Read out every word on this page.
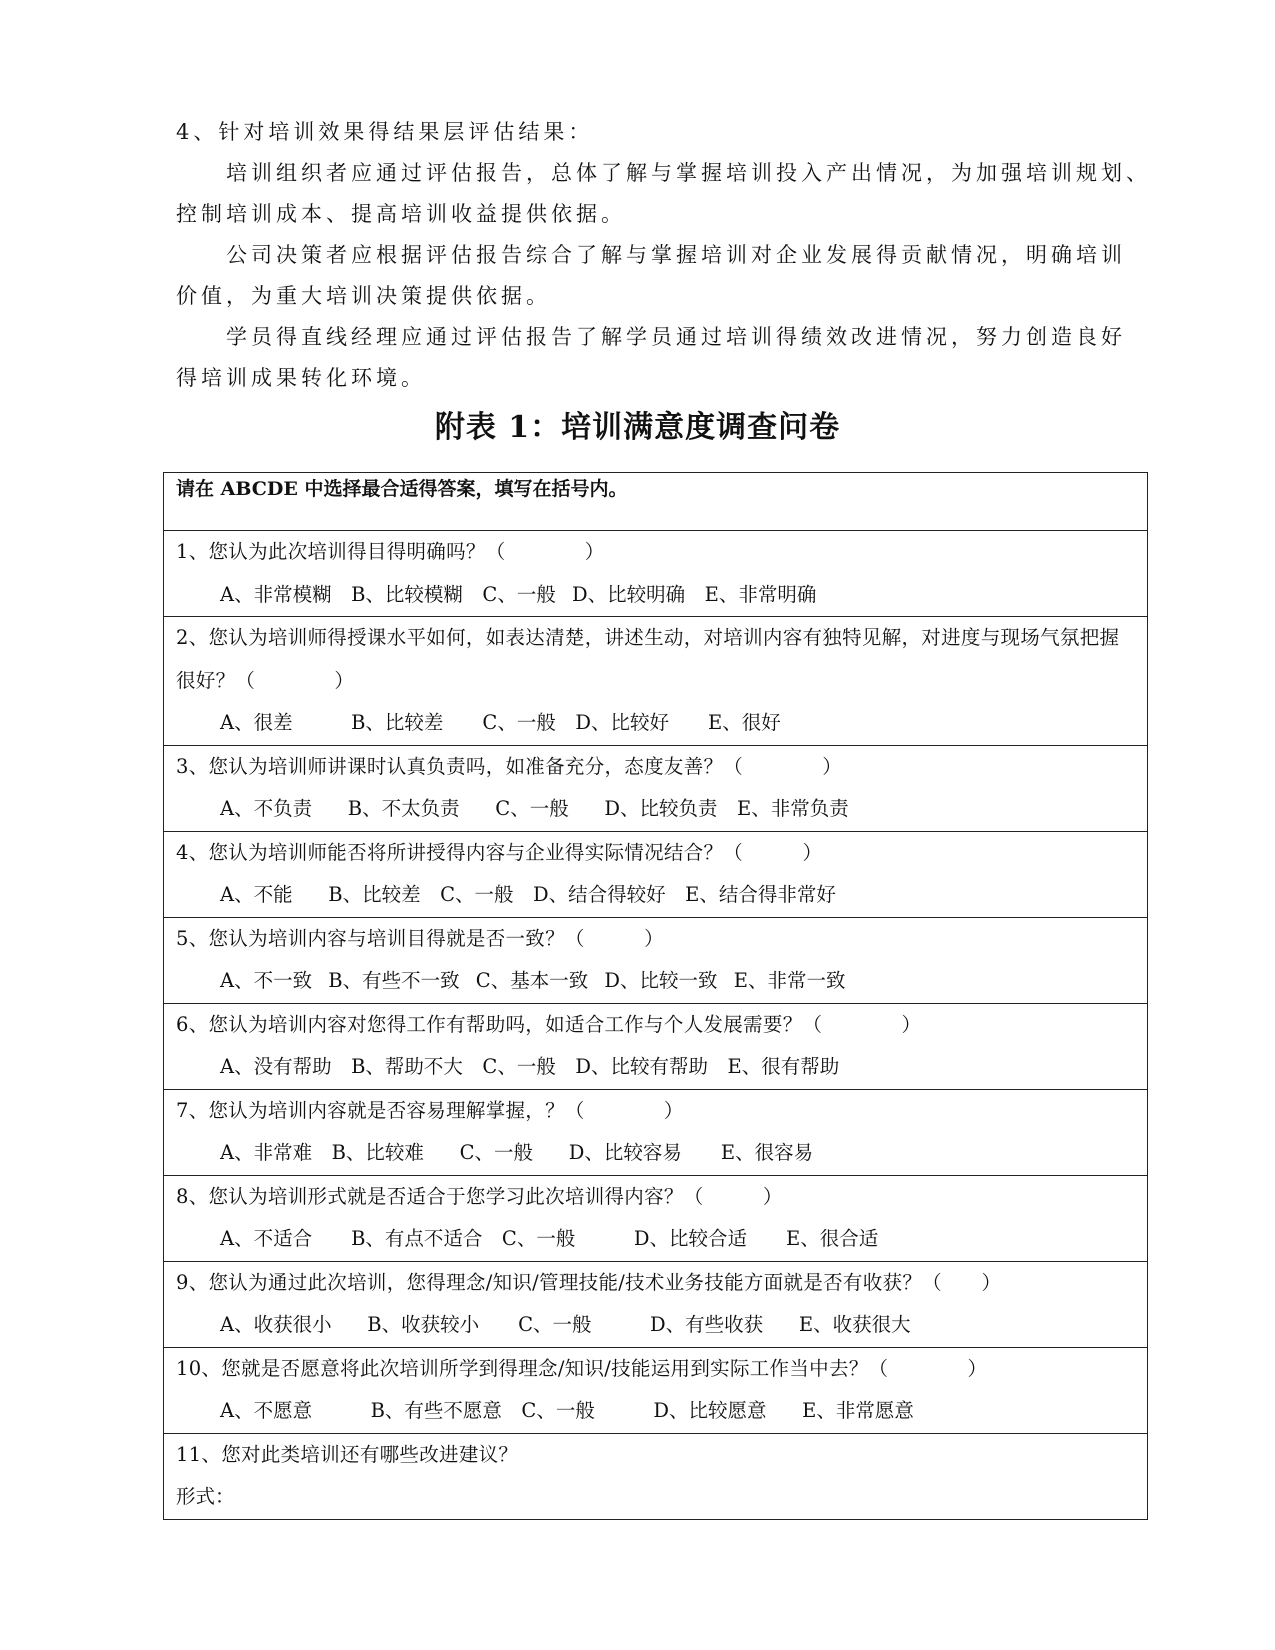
4、针对培训效果得结果层评估结果：
培训组织者应通过评估报告，总体了解与掌握培训投入产出情况，为加强培训规划、
控制培训成本、提高培训收益提供依据。
公司决策者应根据评估报告综合了解与掌握培训对企业发展得贡献情况，明确培训
价值，为重大培训决策提供依据。
学员得直线经理应通过评估报告了解学员通过培训得绩效改进情况，努力创造良好
得培训成果转化环境。
附表 1：培训满意度调查问卷
请在 ABCDE 中选择最合适得答案，填写在括号内。
1、您认为此次培训得目得明确吗？（　　　　）
A、非常模糊　B、比较模糊　C、一般 D、比较明确　E、非常明确
2、您认为培训师得授课水平如何，如表达清楚，讲述生动，对培训内容有独特见解，对进度与现场气氛把握很好？（　　　　）
A、很差　　　B、比较差　　C、一般　D、比较好　　E、很好
3、您认为培训师讲课时认真负责吗，如准备充分，态度友善？（　　　　）
A、不负责　 B、不太负责　 C、一般　 D、比较负责　E、非常负责
4、您认为培训师能否将所讲授得内容与企业得实际情况结合？（　　　）
A、不能　 B、比较差　C、一般　D、结合得较好　E、结合得非常好
5、您认为培训内容与培训目得就是否一致？（　　　）
A、不一致 B、有些不一致 C、基本一致 D、比较一致 E、非常一致
6、您认为培训内容对您得工作有帮助吗，如适合工作与个人发展需要？（　　　　）
A、没有帮助　B、帮助不大　C、一般　D、比较有帮助　E、很有帮助
7、您认为培训内容就是否容易理解掌握，？（　　　　）
A、非常难　B、比较难　 C、一般　 D、比较容易　　E、很容易
8、您认为培训形式就是否适合于您学习此次培训得内容？（　　　）
A、不适合　　B、有点不适合　C、一般　　　D、比较合适　　E、很合适
9、您认为通过此次培训，您得理念/知识/管理技能/技术业务技能方面就是否有收获？（　　）
A、收获很小　 B、收获较小　　C、一般　　　D、有些收获　 E、收获很大
10、您就是否愿意将此次培训所学到得理念/知识/技能运用到实际工作当中去？（　　　　）
A、不愿意　　　B、有些不愿意　C、一般　　　D、比较愿意　 E、非常愿意
11、您对此类培训还有哪些改进建议？
形式：
